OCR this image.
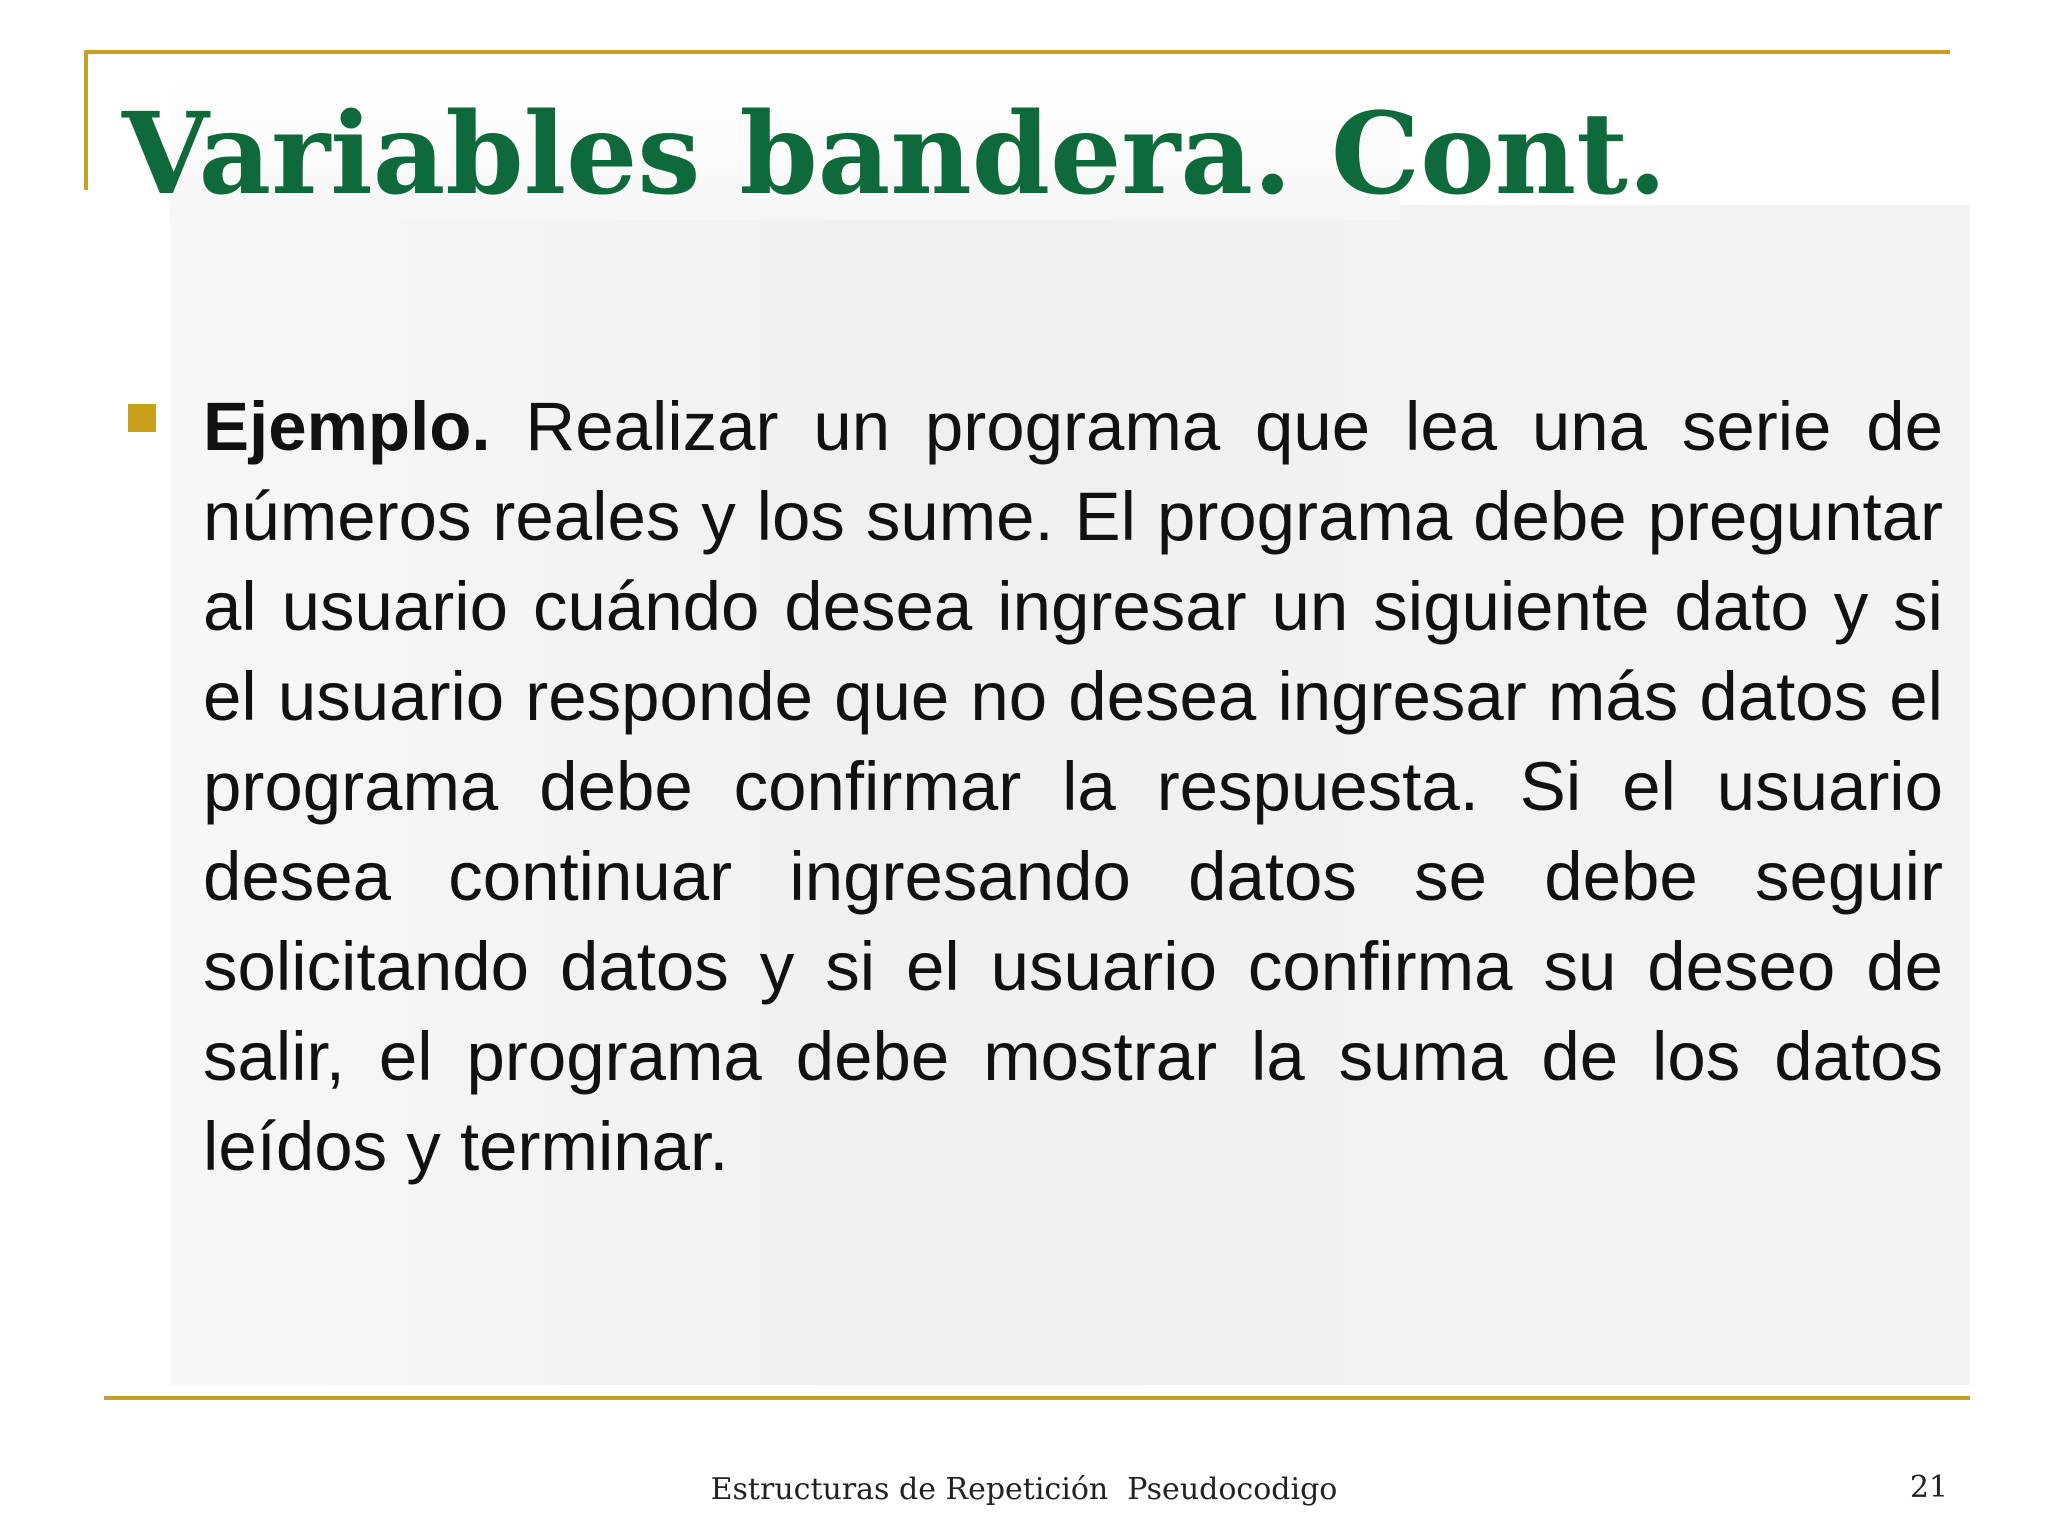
Variables bandera. Cont.

Ejemplo. Realizar un programa que lea una serie de números reales y los sume. El programa debe preguntar al usuario cuándo desea ingresar un siguiente dato y si el usuario responde que no desea ingresar más datos el programa debe confirmar la respuesta. Si el usuario desea continuar ingresando datos se debe seguir solicitando datos y si el usuario confirma su deseo de salir, el programa debe mostrar la suma de los datos leídos y terminar.

Estructuras de Repetición  Pseudocodigo	21
